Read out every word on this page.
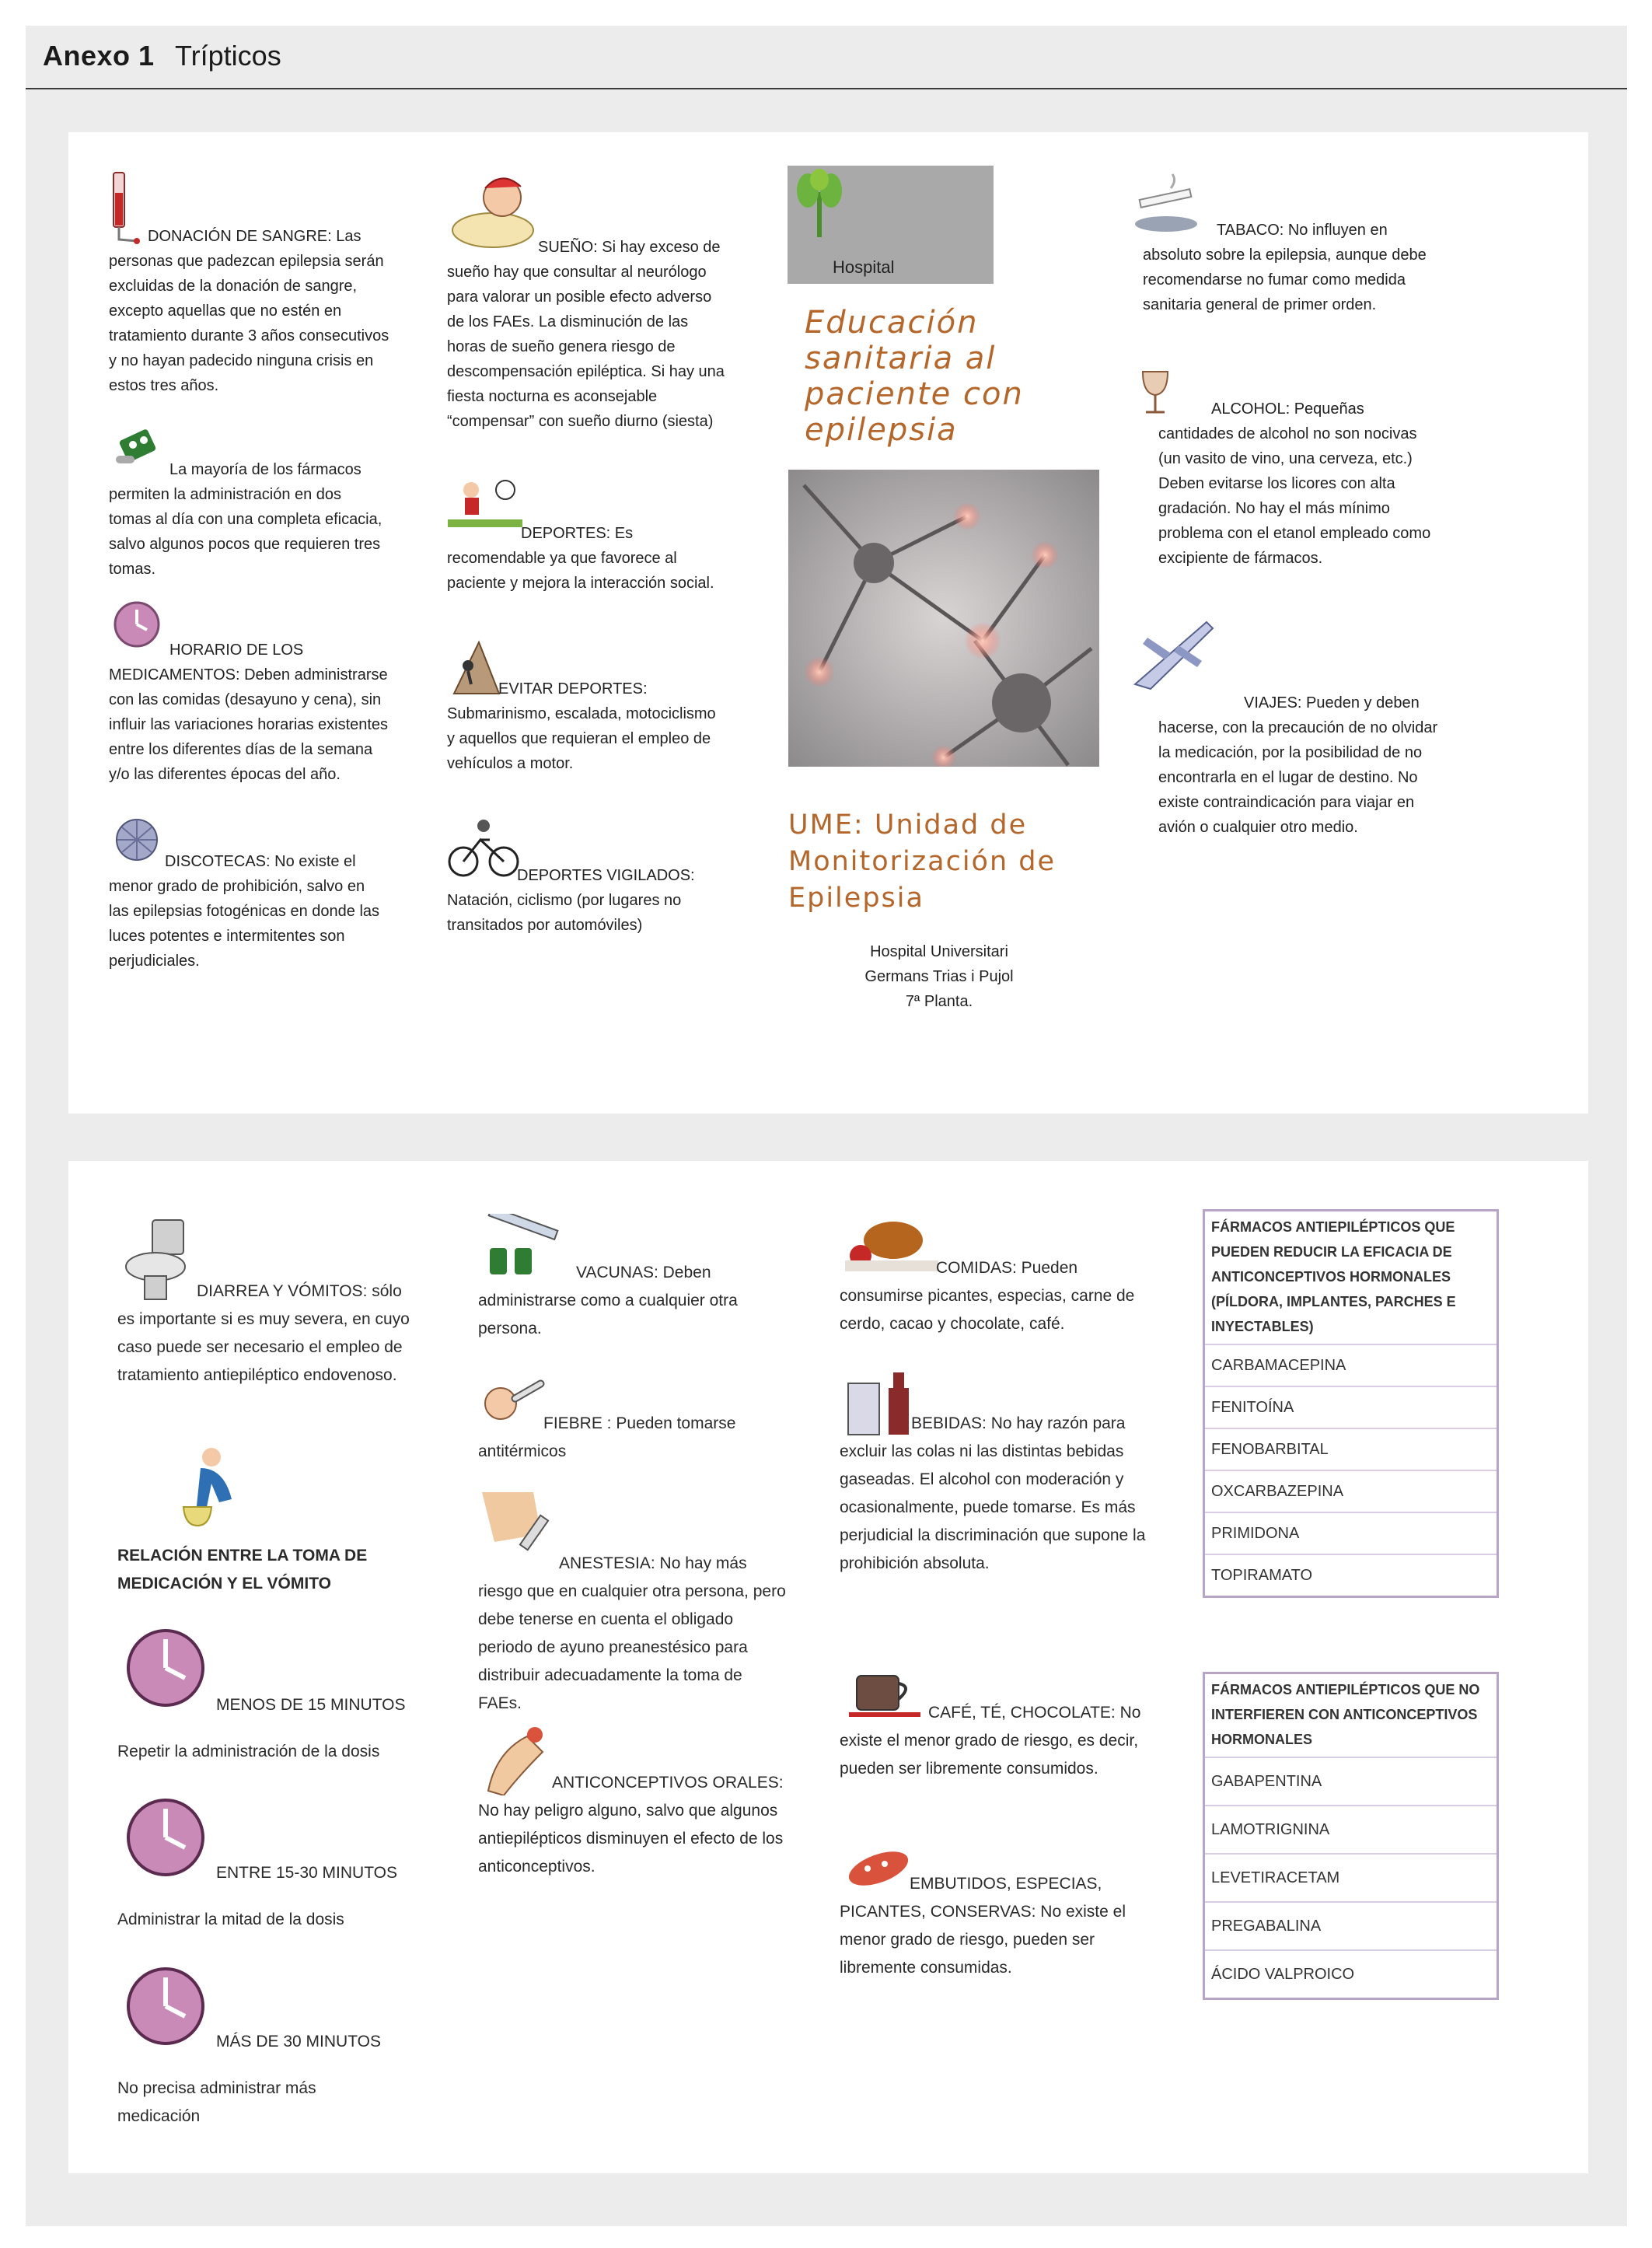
Anexo 1 Trípticos
DONACIÓN DE SANGRE: Las personas que padezcan epilepsia serán excluidas de la donación de sangre, excepto aquellas que no estén en tratamiento durante 3 años consecutivos y no hayan padecido ninguna crisis en estos tres años.
La mayoría de los fármacos permiten la administración en dos tomas al día con una completa eficacia, salvo algunos pocos que requieren tres tomas.
HORARIO DE LOS MEDICAMENTOS: Deben administrarse con las comidas (desayuno y cena), sin influir las variaciones horarias existentes entre los diferentes días de la semana y/o las diferentes épocas del año.
DISCOTECAS: No existe el menor grado de prohibición, salvo en las epilepsias fotogénicas en donde las luces potentes e intermitentes son perjudiciales.
SUEÑO: Si hay exceso de sueño hay que consultar al neurólogo para valorar un posible efecto adverso de los FAEs. La disminución de las horas de sueño genera riesgo de descompensación epiléptica. Si hay una fiesta nocturna es aconsejable “compensar” con sueño diurno (siesta)
DEPORTES: Es recomendable ya que favorece al paciente y mejora la interacción social.
EVITAR DEPORTES: Submarinismo, escalada, motociclismo y aquellos que requieran el empleo de vehículos a motor.
DEPORTES VIGILADOS: Natación, ciclismo (por lugares no transitados por automóviles)
Hospital
Educación sanitaria al paciente con epilepsia
UME: Unidad de Monitorización de Epilepsia
Hospital Universitari
Germans Trias i Pujol
7ª Planta.
TABACO: No influyen en absoluto sobre la epilepsia, aunque debe recomendarse no fumar como medida sanitaria general de primer orden.
ALCOHOL: Pequeñas cantidades de alcohol no son nocivas (un vasito de vino, una cerveza, etc.) Deben evitarse los licores con alta gradación. No hay el más mínimo problema con el etanol empleado como excipiente de fármacos.
VIAJES: Pueden y deben hacerse, con la precaución de no olvidar la medicación, por la posibilidad de no encontrarla en el lugar de destino. No existe contraindicación para viajar en avión o cualquier otro medio.
DIARREA Y VÓMITOS: sólo es importante si es muy severa, en cuyo caso puede ser necesario el empleo de tratamiento antiepiléptico endovenoso.
RELACIÓN ENTRE LA TOMA DE MEDICACIÓN Y EL VÓMITO
MENOS DE 15 MINUTOS
Repetir la administración de la dosis
ENTRE 15-30 MINUTOS
Administrar la mitad de la dosis
MÁS DE 30 MINUTOS
No precisa administrar más medicación
VACUNAS: Deben administrarse como a cualquier otra persona.
FIEBRE : Pueden tomarse antitérmicos
ANESTESIA: No hay más riesgo que en cualquier otra persona, pero debe tenerse en cuenta el obligado periodo de ayuno preanestésico para distribuir adecuadamente la toma de FAEs.
ANTICONCEPTIVOS ORALES: No hay peligro alguno, salvo que algunos antiepilépticos disminuyen el efecto de los anticonceptivos.
COMIDAS: Pueden consumirse picantes, especias, carne de cerdo, cacao y chocolate, café.
BEBIDAS: No hay razón para excluir las colas ni las distintas bebidas gaseadas. El alcohol con moderación y ocasionalmente, puede tomarse. Es más perjudicial la discriminación que supone la prohibición absoluta.
CAFÉ, TÉ, CHOCOLATE: No existe el menor grado de riesgo, es decir, pueden ser libremente consumidos.
EMBUTIDOS, ESPECIAS, PICANTES, CONSERVAS: No existe el menor grado de riesgo, pueden ser libremente consumidas.
FÁRMACOS ANTIEPILÉPTICOS QUE PUEDEN REDUCIR LA EFICACIA DE ANTICONCEPTIVOS HORMONALES (PÍLDORA, IMPLANTES, PARCHES E INYECTABLES)
CARBAMACEPINA
FENITOÍNA
FENOBARBITAL
OXCARBAZEPINA
PRIMIDONA
TOPIRAMATO
FÁRMACOS ANTIEPILÉPTICOS QUE NO INTERFIEREN CON ANTICONCEPTIVOS HORMONALES
GABAPENTINA
LAMOTRIGNINA
LEVETIRACETAM
PREGABALINA
ÁCIDO VALPROICO
